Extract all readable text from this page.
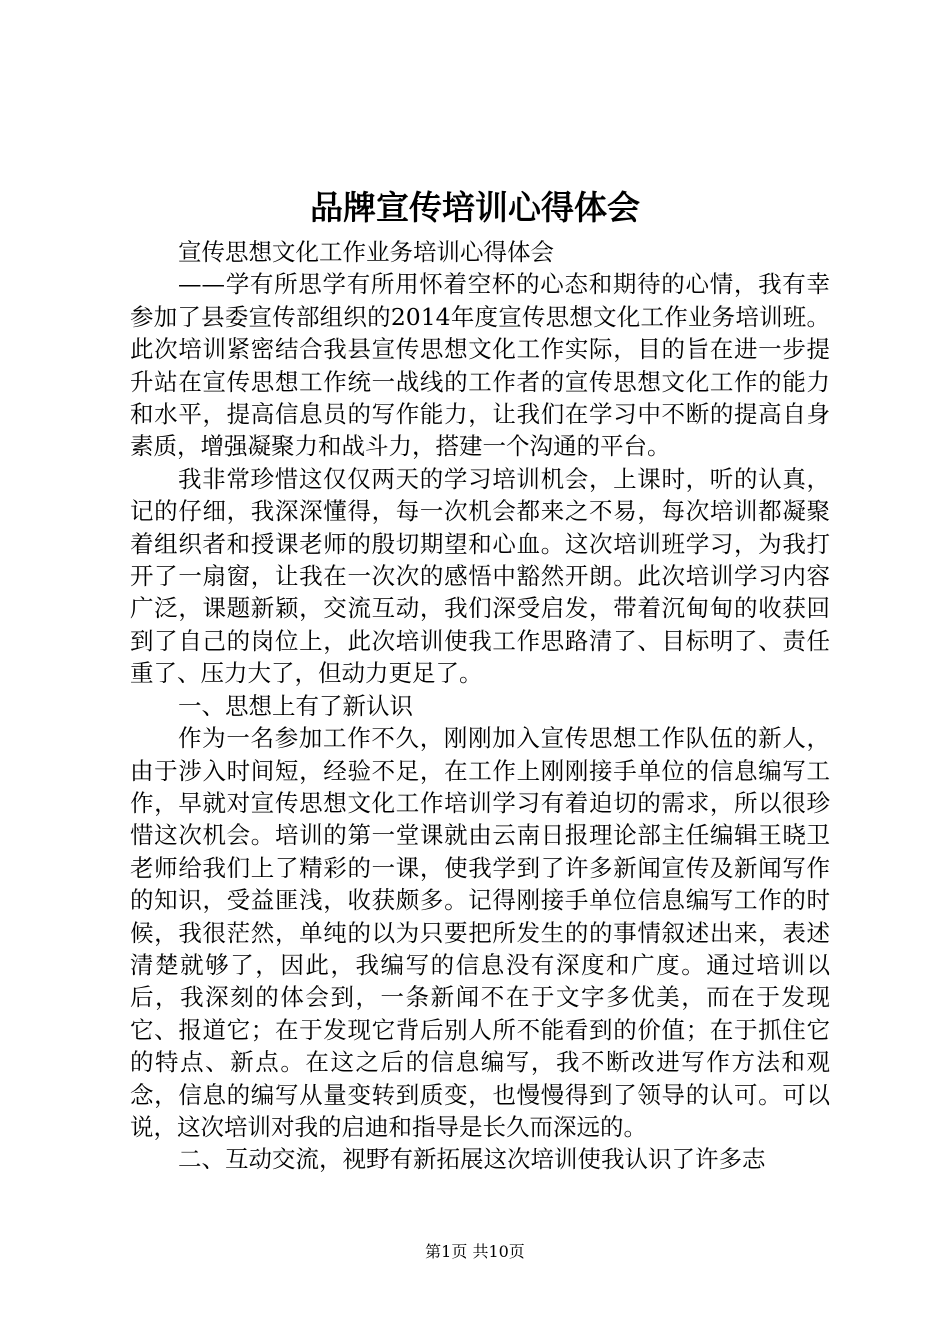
品牌宣传培训心得体会

宣传思想文化工作业务培训心得体会

——学有所思学有所用怀着空杯的心态和期待的心情，我有幸参加了县委宣传部组织的2014年度宣传思想文化工作业务培训班。此次培训紧密结合我县宣传思想文化工作实际，目的旨在进一步提升站在宣传思想工作统一战线的工作者的宣传思想文化工作的能力和水平，提高信息员的写作能力，让我们在学习中不断的提高自身素质，增强凝聚力和战斗力，搭建一个沟通的平台。

我非常珍惜这仅仅两天的学习培训机会，上课时，听的认真，记的仔细，我深深懂得，每一次机会都来之不易，每次培训都凝聚着组织者和授课老师的殷切期望和心血。这次培训班学习，为我打开了一扇窗，让我在一次次的感悟中豁然开朗。此次培训学习内容广泛，课题新颖，交流互动，我们深受启发，带着沉甸甸的收获回到了自己的岗位上，此次培训使我工作思路清了、目标明了、责任重了、压力大了，但动力更足了。

一、思想上有了新认识

作为一名参加工作不久，刚刚加入宣传思想工作队伍的新人，由于涉入时间短，经验不足，在工作上刚刚接手单位的信息编写工作，早就对宣传思想文化工作培训学习有着迫切的需求，所以很珍惜这次机会。培训的第一堂课就由云南日报理论部主任编辑王晓卫老师给我们上了精彩的一课，使我学到了许多新闻宣传及新闻写作的知识，受益匪浅，收获颇多。记得刚接手单位信息编写工作的时候，我很茫然，单纯的以为只要把所发生的的事情叙述出来，表述清楚就够了，因此，我编写的信息没有深度和广度。通过培训以后，我深刻的体会到，一条新闻不在于文字多优美，而在于发现它、报道它；在于发现它背后别人所不能看到的价值；在于抓住它的特点、新点。在这之后的信息编写，我不断改进写作方法和观念，信息的编写从量变转到质变，也慢慢得到了领导的认可。可以说，这次培训对我的启迪和指导是长久而深远的。

二、互动交流，视野有新拓展这次培训使我认识了许多志

第1页 共10页
